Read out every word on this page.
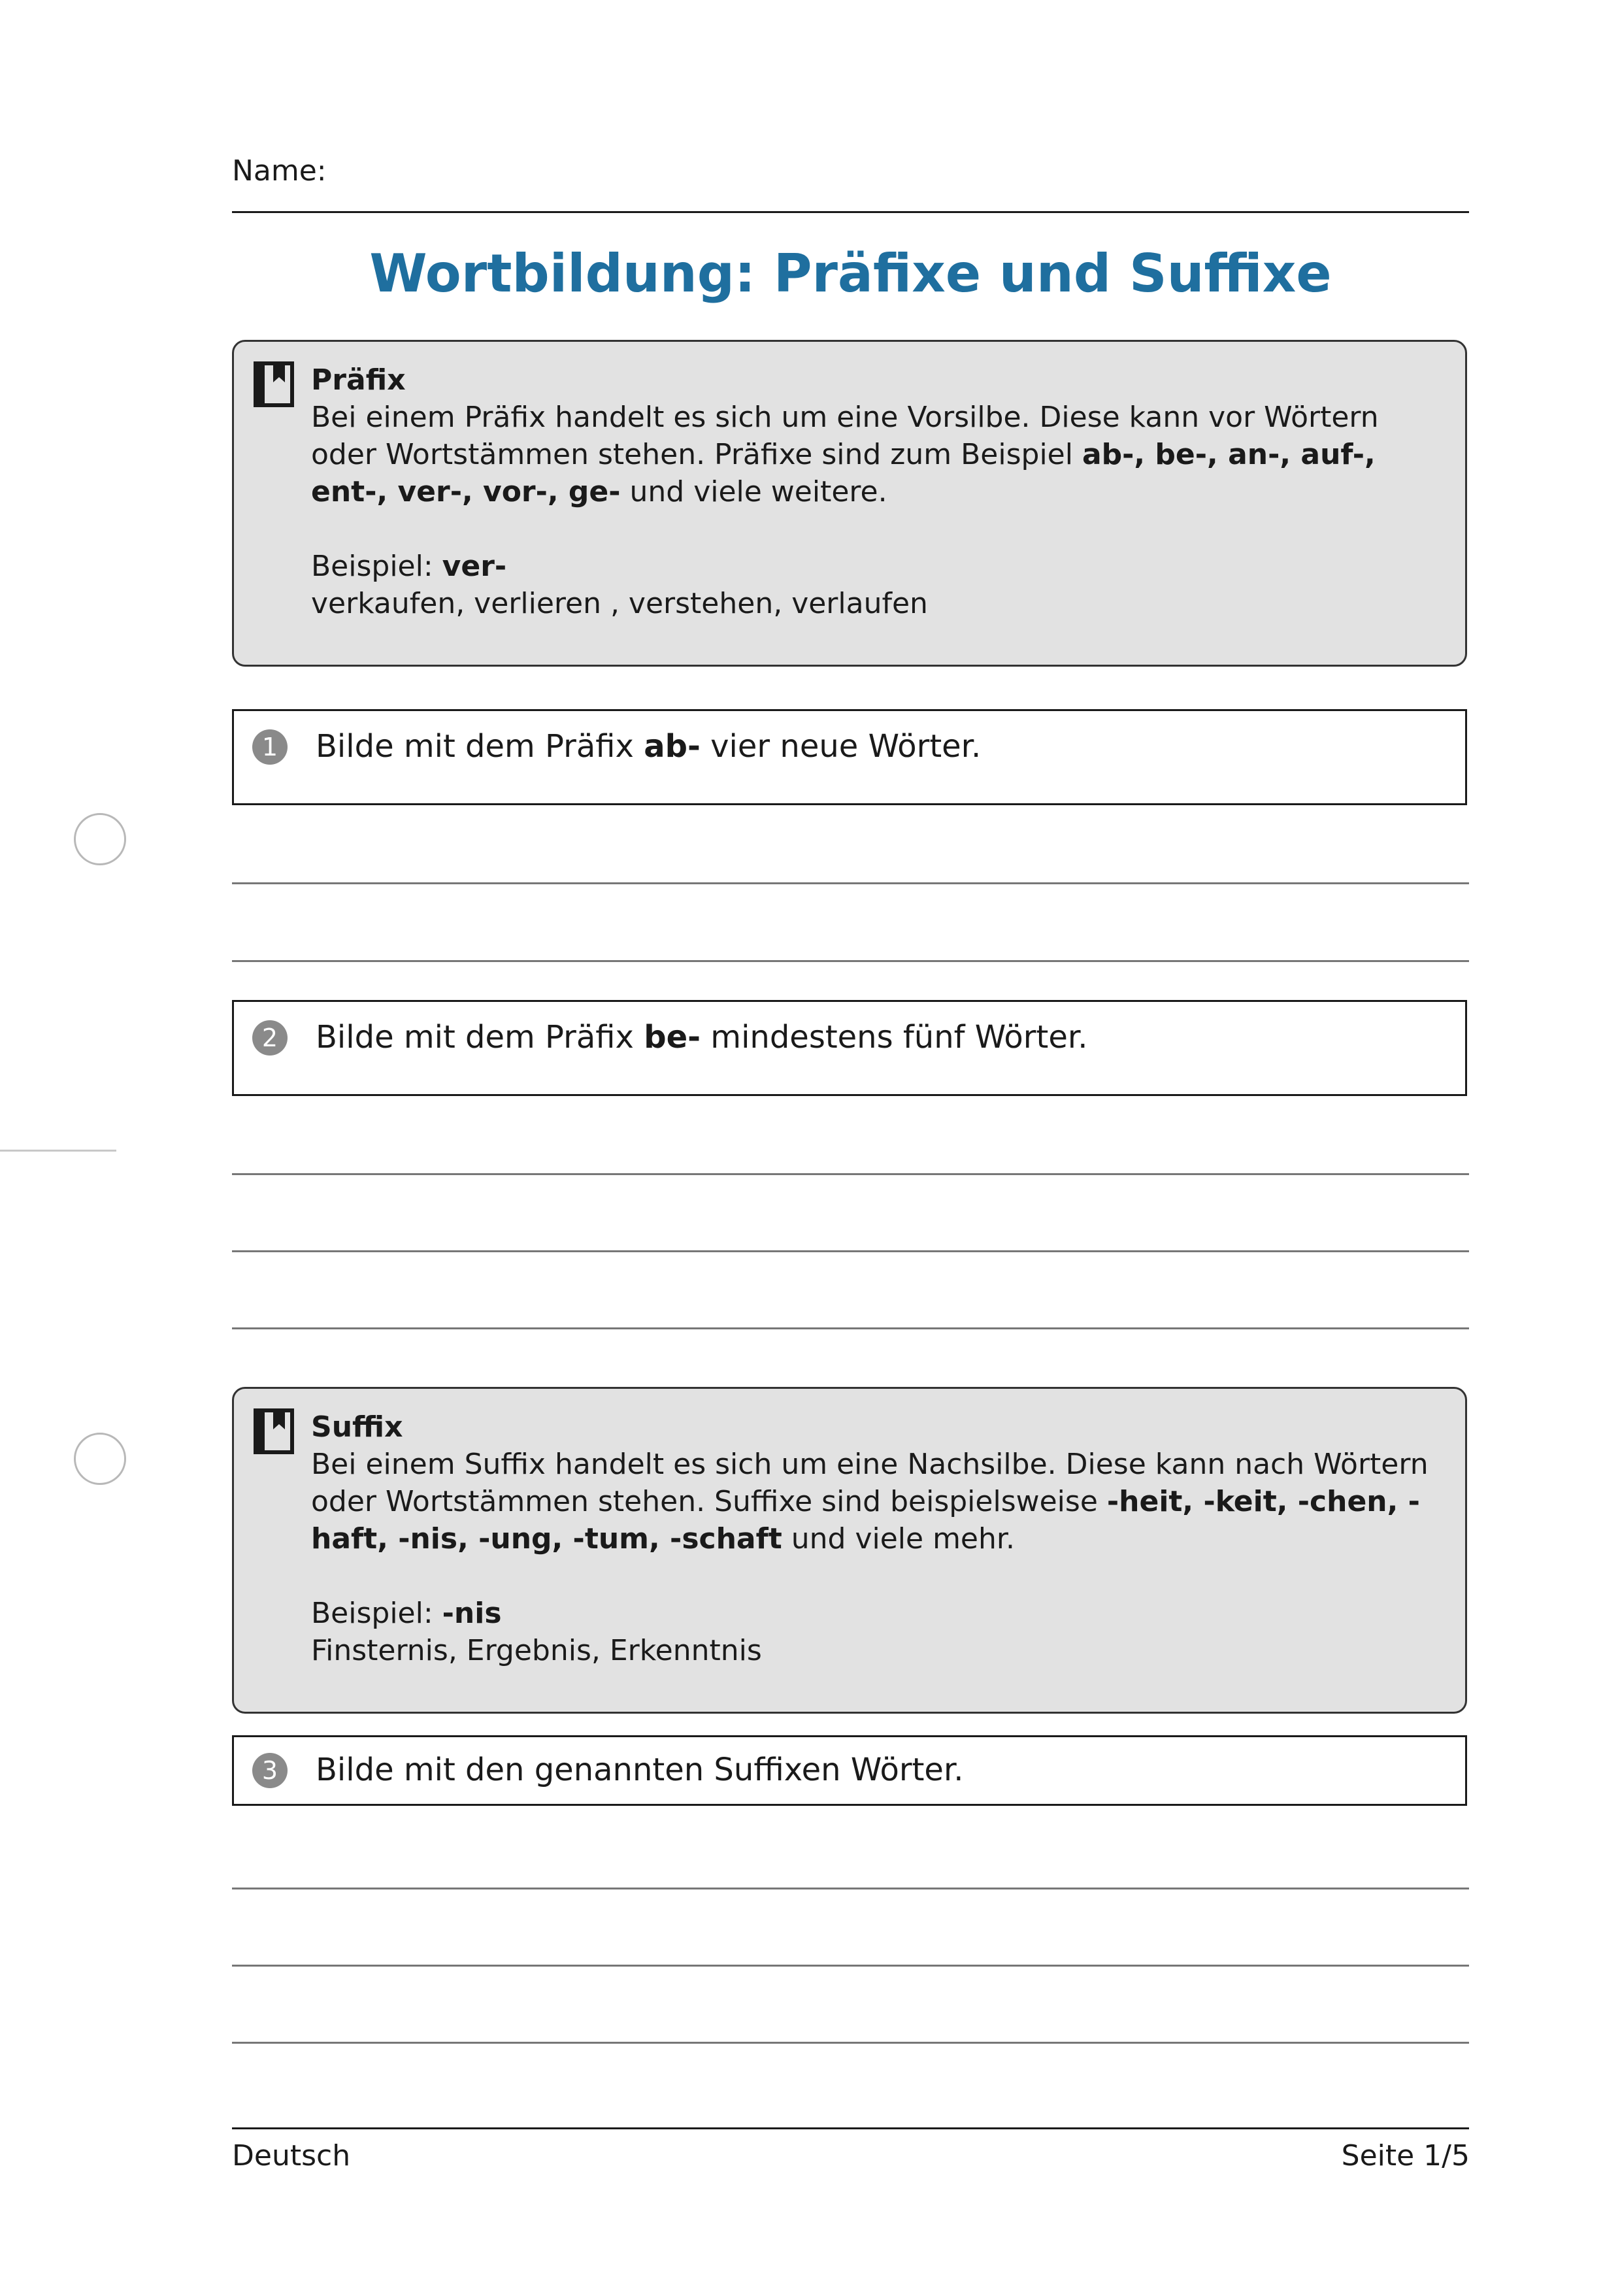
Name:
Wortbildung: Präfixe und Suffixe
Präfix
Bei einem Präfix handelt es sich um eine Vorsilbe. Diese kann vor Wörtern oder Wortstämmen stehen. Präfixe sind zum Beispiel ab-, be-, an-, auf-, ent-, ver-, vor-, ge- und viele weitere.
Beispiel: ver-
verkaufen, verlieren , verstehen, verlaufen
1	Bilde mit dem Präfix ab- vier neue Wörter.
2	Bilde mit dem Präfix be- mindestens fünf Wörter.
Suffix
Bei einem Suffix handelt es sich um eine Nachsilbe. Diese kann nach Wörtern oder Wortstämmen stehen. Suffixe sind beispielsweise -heit, -keit, -chen, -haft, -nis, -ung, -tum, -schaft und viele mehr.
Beispiel: -nis
Finsternis, Ergebnis, Erkenntnis
3	Bilde mit den genannten Suffixen Wörter.
Deutsch	Seite 1/5
